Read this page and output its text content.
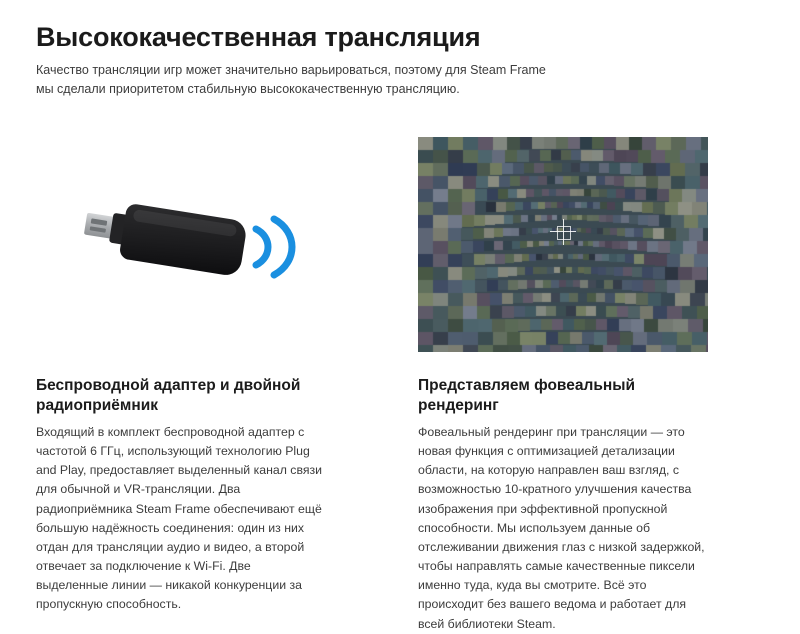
Высококачественная трансляция

Качество трансляции игр может значительно варьироваться, поэтому для Steam Frame мы сделали приоритетом стабильную высококачественную трансляцию.

Беспроводной адаптер и двойной радиоприёмник

Входящий в комплект беспроводной адаптер с частотой 6 ГГц, использующий технологию Plug and Play, предоставляет выделенный канал связи для обычной и VR-трансляции. Два радиоприёмника Steam Frame обеспечивают ещё большую надёжность соединения: один из них отдан для трансляции аудио и видео, а второй отвечает за подключение к Wi-Fi. Две выделенные линии — никакой конкуренции за пропускную способность.

Представляем фовеальный рендеринг

Фовеальный рендеринг при трансляции — это новая функция с оптимизацией детализации области, на которую направлен ваш взгляд, с возможностью 10-кратного улучшения качества изображения при эффективной пропускной способности. Мы используем данные об отслеживании движения глаз с низкой задержкой, чтобы направлять самые качественные пиксели именно туда, куда вы смотрите. Всё это происходит без вашего ведома и работает для всей библиотеки Steam.
